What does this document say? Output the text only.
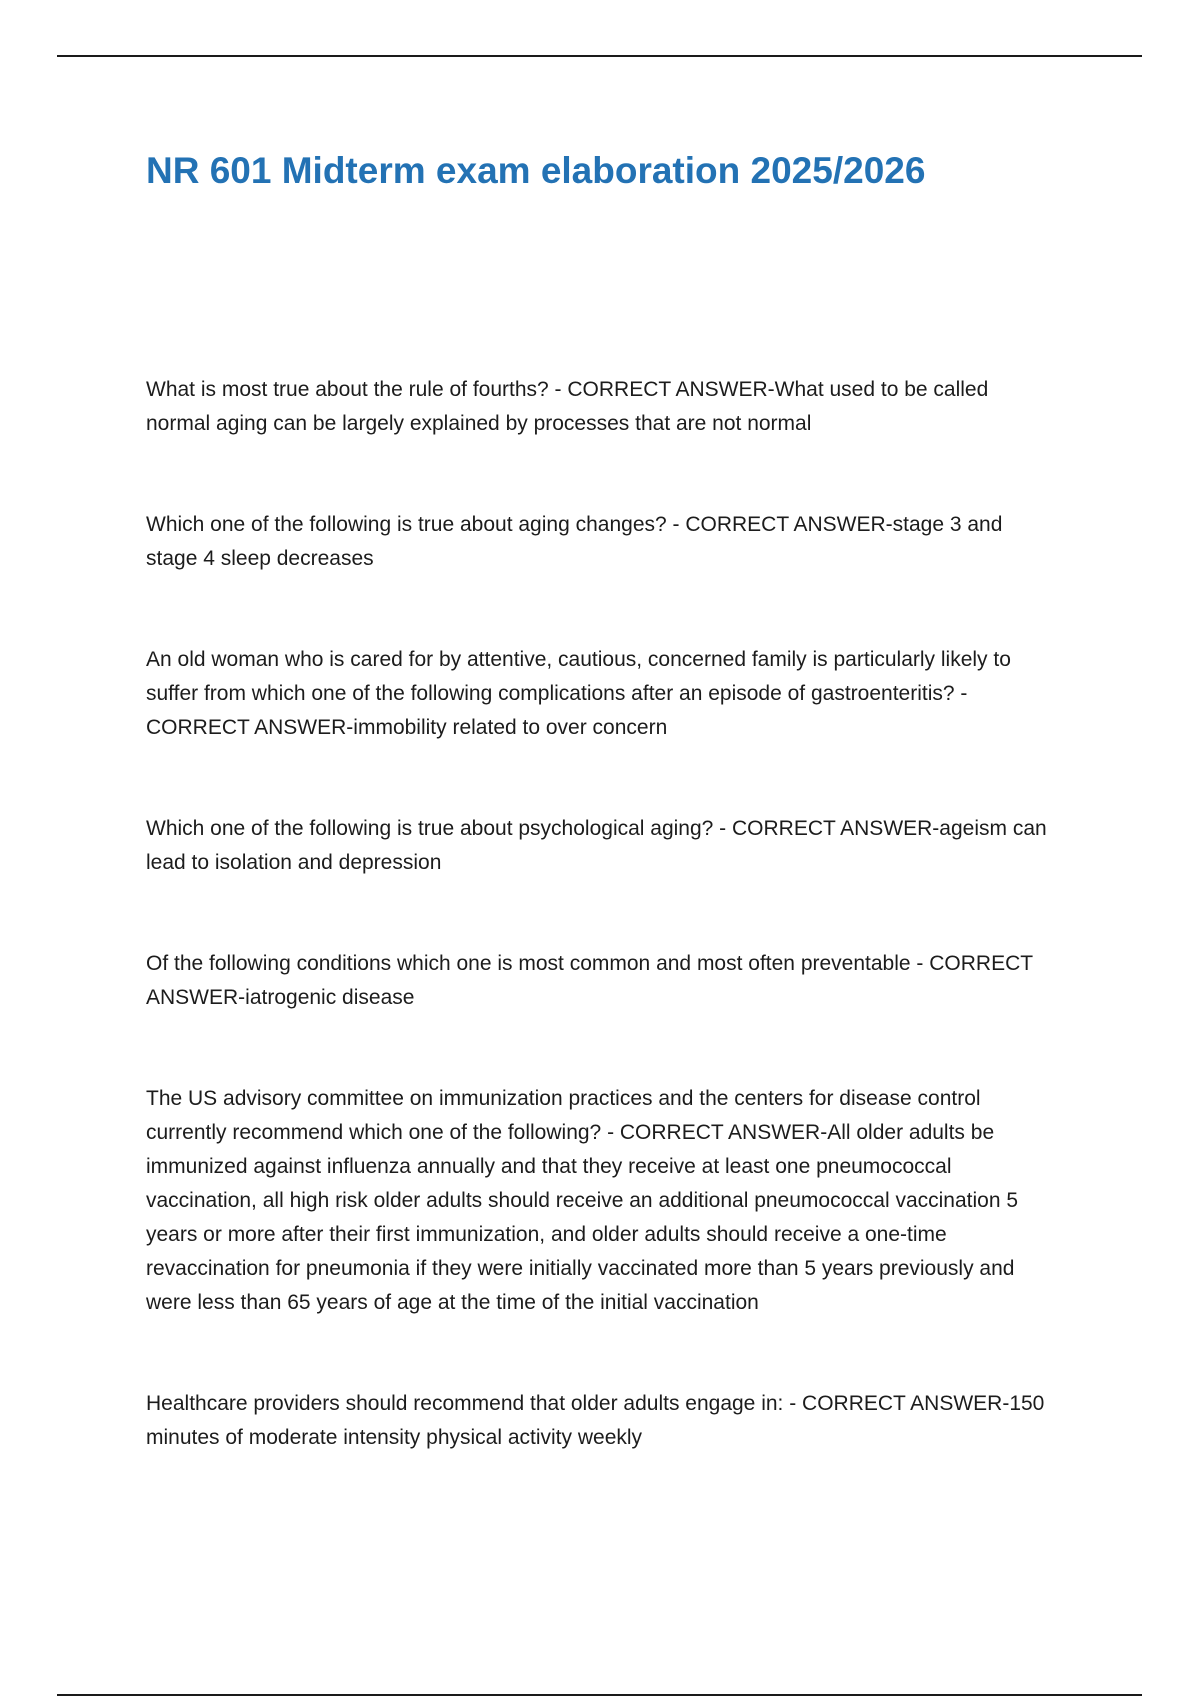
NR 601 Midterm exam elaboration 2025/2026

What is most true about the rule of fourths? - CORRECT ANSWER-What used to be called normal aging can be largely explained by processes that are not normal

Which one of the following is true about aging changes? - CORRECT ANSWER-stage 3 and stage 4 sleep decreases

An old woman who is cared for by attentive, cautious, concerned family is particularly likely to suffer from which one of the following complications after an episode of gastroenteritis? - CORRECT ANSWER-immobility related to over concern

Which one of the following is true about psychological aging? - CORRECT ANSWER-ageism can lead to isolation and depression

Of the following conditions which one is most common and most often preventable - CORRECT ANSWER-iatrogenic disease

The US advisory committee on immunization practices and the centers for disease control currently recommend which one of the following? - CORRECT ANSWER-All older adults be immunized against influenza annually and that they receive at least one pneumococcal vaccination, all high risk older adults should receive an additional pneumococcal vaccination 5 years or more after their first immunization, and older adults should receive a one-time revaccination for pneumonia if they were initially vaccinated more than 5 years previously and were less than 65 years of age at the time of the initial vaccination

Healthcare providers should recommend that older adults engage in: - CORRECT ANSWER-150 minutes of moderate intensity physical activity weekly
